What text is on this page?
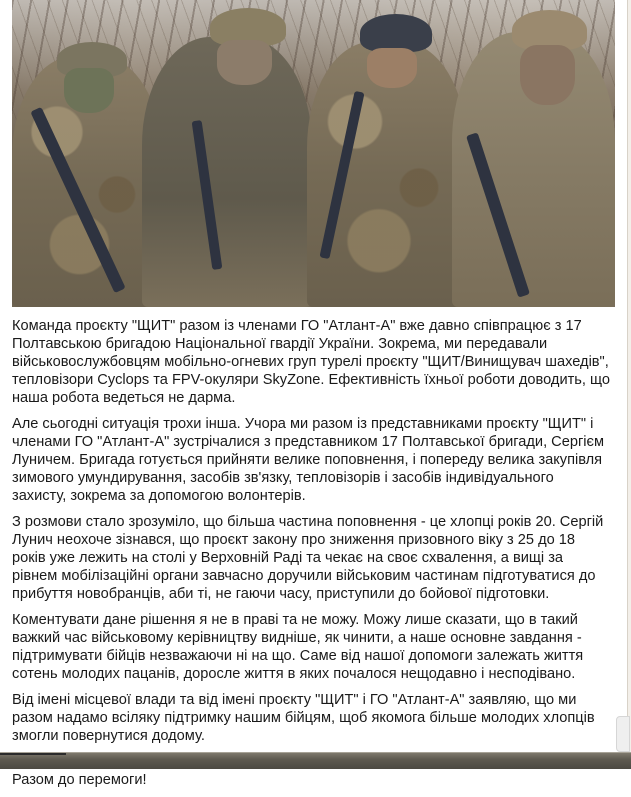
Команда проєкту "ЩИТ" разом із членами ГО "Атлант-А" вже давно співпрацює з 17 Полтавською бригадою Національної гвардії України. Зокрема, ми передавали військовослужбовцям мобільно-огневих груп турелі проєкту "ЩИТ/Винищувач шахедів", тепловізори Cyclops та FPV-окуляри SkyZone. Ефективність їхньої роботи доводить, що наша робота ведеться не дарма.

Але сьогодні ситуація трохи інша. Учора ми разом із представниками проєкту "ЩИТ" і членами ГО "Атлант-А" зустрічалися з представником 17 Полтавської бригади, Сергієм Луничем. Бригада готується прийняти велике поповнення, і попереду велика закупівля зимового умундирування, засобів зв'язку, тепловізорів і засобів індивідуального захисту, зокрема за допомогою волонтерів.

З розмови стало зрозуміло, що більша частина поповнення - це хлопці років 20. Сергій Лунич неохоче зізнався, що проєкт закону про зниження призовного віку з 25 до 18 років уже лежить на столі у Верховній Раді та чекає на своє схвалення, а вищі за рівнем мобілізаційні органи завчасно доручили військовим частинам підготуватися до прибуття новобранців, аби ті, не гаючи часу, приступили до бойової підготовки.

Коментувати дане рішення я не в праві та не можу. Можу лише сказати, що в такий важкий час військовому керівництву видніше, як чинити, а наше основне завдання - підтримувати бійців незважаючи ні на що. Саме від нашої допомоги залежать життя сотень молодих пацанів, доросле життя в яких почалося нещодавно і несподівано.

Від імені місцевої влади та від імені проєкту "ЩИТ" і ГО "Атлант-А" заявляю, що ми разом надамо всіляку підтримку нашим бійцям, щоб якомога більше молодих хлопців змогли повернутися додому.

Разом до перемоги!
